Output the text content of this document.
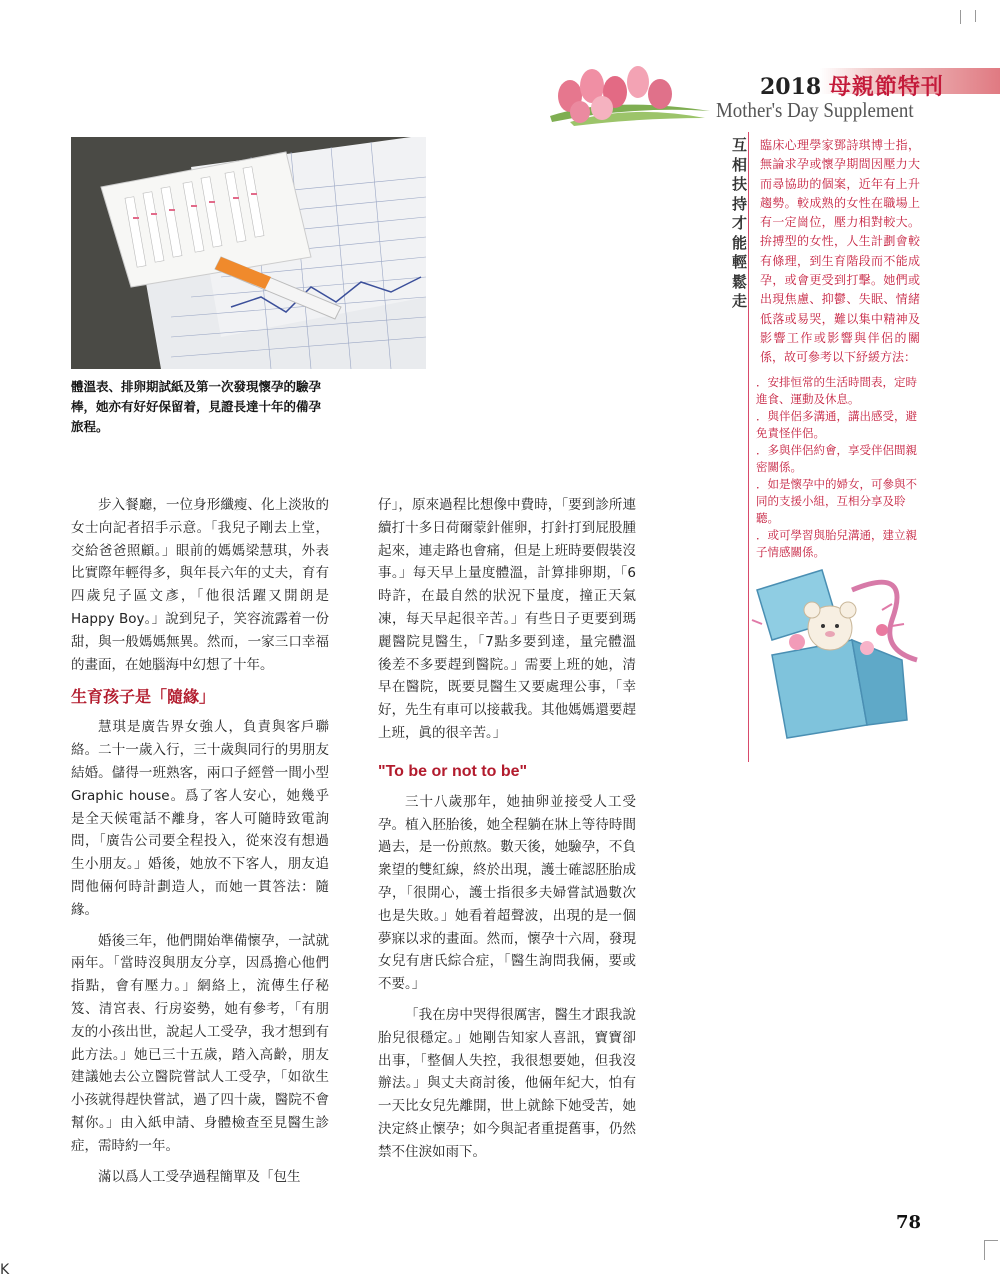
2018 母親節特刊
Mother's Day Supplement
體溫表、排卵期試紙及第一次發現懷孕的驗孕棒，她亦有好好保留着，見證長達十年的備孕旅程。
互相扶持才能輕鬆走
臨床心理學家鄧詩琪博士指，無論求孕或懷孕期間因壓力大而尋協助的個案，近年有上升趨勢。較成熟的女性在職場上有一定崗位，壓力相對較大。拚搏型的女性，人生計劃會較有條理，到生育階段而不能成孕，或會更受到打擊。她們或出現焦慮、抑鬱、失眠、情緒低落或易哭，難以集中精神及影響工作或影響與伴侶的關係，故可參考以下紓緩方法：
． 安排恒常的生活時間表，定時進食、運動及休息。
． 與伴侶多溝通，講出感受，避免責怪伴侶。
． 多與伴侶約會，享受伴侶間親密關係。
． 如是懷孕中的婦女，可參與不同的支援小組，互相分享及聆聽。
． 或可學習與胎兒溝通，建立親子情感關係。

步入餐廳，一位身形纖瘦、化上淡妝的女士向記者招手示意。「我兒子剛去上堂，交給爸爸照顧。」眼前的媽媽梁慧琪，外表比實際年輕得多，與年長六年的丈夫，育有四歲兒子區文彥，「他很活躍又開朗是Happy Boy。」說到兒子，笑容流露着一份甜，與一般媽媽無異。然而，一家三口幸福的畫面，在她腦海中幻想了十年。

生育孩子是「隨緣」

慧琪是廣告界女強人，負責與客戶聯絡。二十一歲入行，三十歲與同行的男朋友結婚。儲得一班熟客，兩口子經營一間小型Graphic house。爲了客人安心，她幾乎是全天候電話不離身，客人可隨時致電詢問，「廣告公司要全程投入，從來沒有想過生小朋友。」婚後，她放不下客人，朋友追問他倆何時計劃造人，而她一貫答法：隨緣。

婚後三年，他們開始準備懷孕，一試就兩年。「當時沒與朋友分享，因爲擔心他們指點，會有壓力。」網絡上，流傳生仔秘笈、清宮表、行房姿勢，她有參考，「有朋友的小孩出世，說起人工受孕，我才想到有此方法。」她已三十五歲，踏入高齡，朋友建議她去公立醫院嘗試人工受孕，「如欲生小孩就得趕快嘗試，過了四十歲，醫院不會幫你。」由入紙申請、身體檢查至見醫生診症，需時約一年。

滿以爲人工受孕過程簡單及「包生

仔」，原來過程比想像中費時，「要到診所連續打十多日荷爾蒙針催卵，打針打到屁股腫起來，連走路也會痛，但是上班時要假裝沒事。」每天早上量度體溫，計算排卵期，「6時許，在最自然的狀況下量度，撞正天氣凍，每天早起很辛苦。」有些日子更要到瑪麗醫院見醫生，「7點多要到達，量完體溫後差不多要趕到醫院。」需要上班的她，清早在醫院，既要見醫生又要處理公事，「幸好，先生有車可以接載我。其他媽媽還要趕上班，眞的很辛苦。」

"To be or not to be"

三十八歲那年，她抽卵並接受人工受孕。植入胚胎後，她全程躺在牀上等待時間過去，是一份煎熬。數天後，她驗孕，不負衆望的雙紅線，終於出現，護士確認胚胎成孕，「很開心，護士指很多夫婦嘗試過數次也是失敗。」她看着超聲波，出現的是一個夢寐以求的畫面。然而，懷孕十六周，發現女兒有唐氏綜合症，「醫生詢問我倆，要或不要。」

「我在房中哭得很厲害，醫生才跟我說胎兒很穩定。」她剛告知家人喜訊，寶寶卻出事，「整個人失控，我很想要她，但我沒辦法。」與丈夫商討後，他倆年紀大，怕有一天比女兒先離開，世上就餘下她受苦，她決定終止懷孕；如今與記者重提舊事，仍然禁不住淚如雨下。

78
K
